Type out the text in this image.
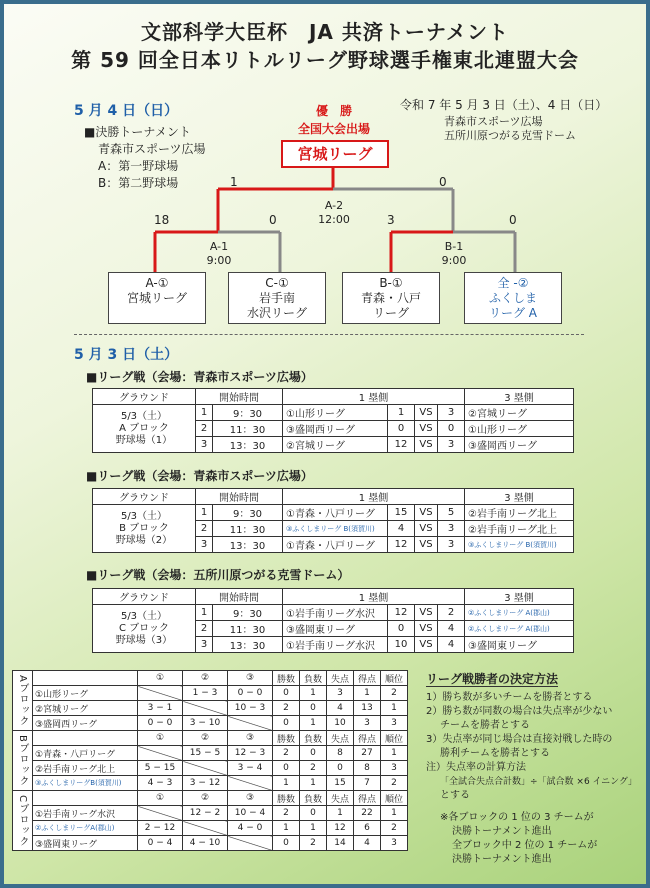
文部科学大臣杯　JA 共済トーナメント
第 59 回全日本リトルリーグ野球選手権東北連盟大会
5 月 4 日（日）
■決勝トーナメント
青森市スポーツ広場
A：第一野球場
B：第二野球場
令和 7 年 5 月 3 日（土）、4 日（日）
青森市スポーツ広場
五所川原つがる克雪ドーム
優　勝
全国大会出場
宮城リーグ
1	0
A-2
12:00
18	0
A-1
9:00
3	0
B-1
9:00
A-①
宮城リーグ
C-①
岩手南
水沢リーグ
B-①
青森・八戸
リーグ
全 -②
ふくしま
リーグ A
5 月 3 日（土）
■リーグ戦（会場：青森市スポーツ広場）
グラウンド	開始時間		1 塁側				3 塁側

5/3（土）
A ブロック
野球場（1）	1	9：30	①山形リーグ	1	VS	3	②宮城リーグ
	2	11：30	③盛岡西リーグ	0	VS	0	①山形リーグ
	3	13：30	②宮城リーグ	12	VS	3	③盛岡西リーグ
■リーグ戦（会場：青森市スポーツ広場）
グラウンド	開始時間		1 塁側				3 塁側

5/3（土）
B ブロック
野球場（2）	1	9：30	①青森・八戸リーグ	15	VS	5	②岩手南リーグ北上
	2	11：30	③ふくしまリーグ B(須賀川)	4	VS	3	②岩手南リーグ北上
	3	13：30	①青森・八戸リーグ	12	VS	3	③ふくしまリーグ B(須賀川)
■リーグ戦（会場：五所川原つがる克雪ドーム）
グラウンド	開始時間		1 塁側				3 塁側

5/3（土）
C ブロック
野球場（3）	1	9：30	①岩手南リーグ水沢	12	VS	2	②ふくしまリーグ A(郡山)
	2	11：30	③盛岡東リーグ	0	VS	4	②ふくしまリーグ A(郡山)
	3	13：30	①岩手南リーグ水沢	10	VS	4	③盛岡東リーグ
Aブロック		①	②	③	勝数	負数	失点	得点	順位
	①山形リーグ		1 − 3	0 − 0	0	1	3	1	2
	②宮城リーグ	3 − 1		10 − 3	2	0	4	13	1
	③盛岡西リーグ	0 − 0	3 − 10		0	1	10	3	3
Bブロック		①	②	③	勝数	負数	失点	得点	順位
	①青森・八戸リーグ		15 − 5	12 − 3	2	0	8	27	1
	②岩手南リーグ北上	5 − 15		3 − 4	0	2	0	8	3
	③ふくしまリーグB(須賀川)	4 − 3	3 − 12		1	1	15	7	2
Cブロック		①	②	③	勝数	負数	失点	得点	順位
	①岩手南リーグ水沢		12 − 2	10 − 4	2	0	1	22	1
	②ふくしまリーグA(郡山)	2 − 12		4 − 0	1	1	12	6	2
	③盛岡東リーグ	0 − 4	4 − 10		0	2	14	4	3
リーグ戦勝者の決定方法
1）勝ち数が多いチームを勝者とする
2）勝ち数が同数の場合は失点率が少ない
チームを勝者とする
3）失点率が同じ場合は直接対戦した時の
勝利チームを勝者とする
注）失点率の計算方法
「全試合失点合計数」÷「試合数 ×6 イニング」
とする
※各ブロックの 1 位の 3 チームが
決勝トーナメント進出
全ブロック中 2 位の 1 チームが
決勝トーナメント進出
